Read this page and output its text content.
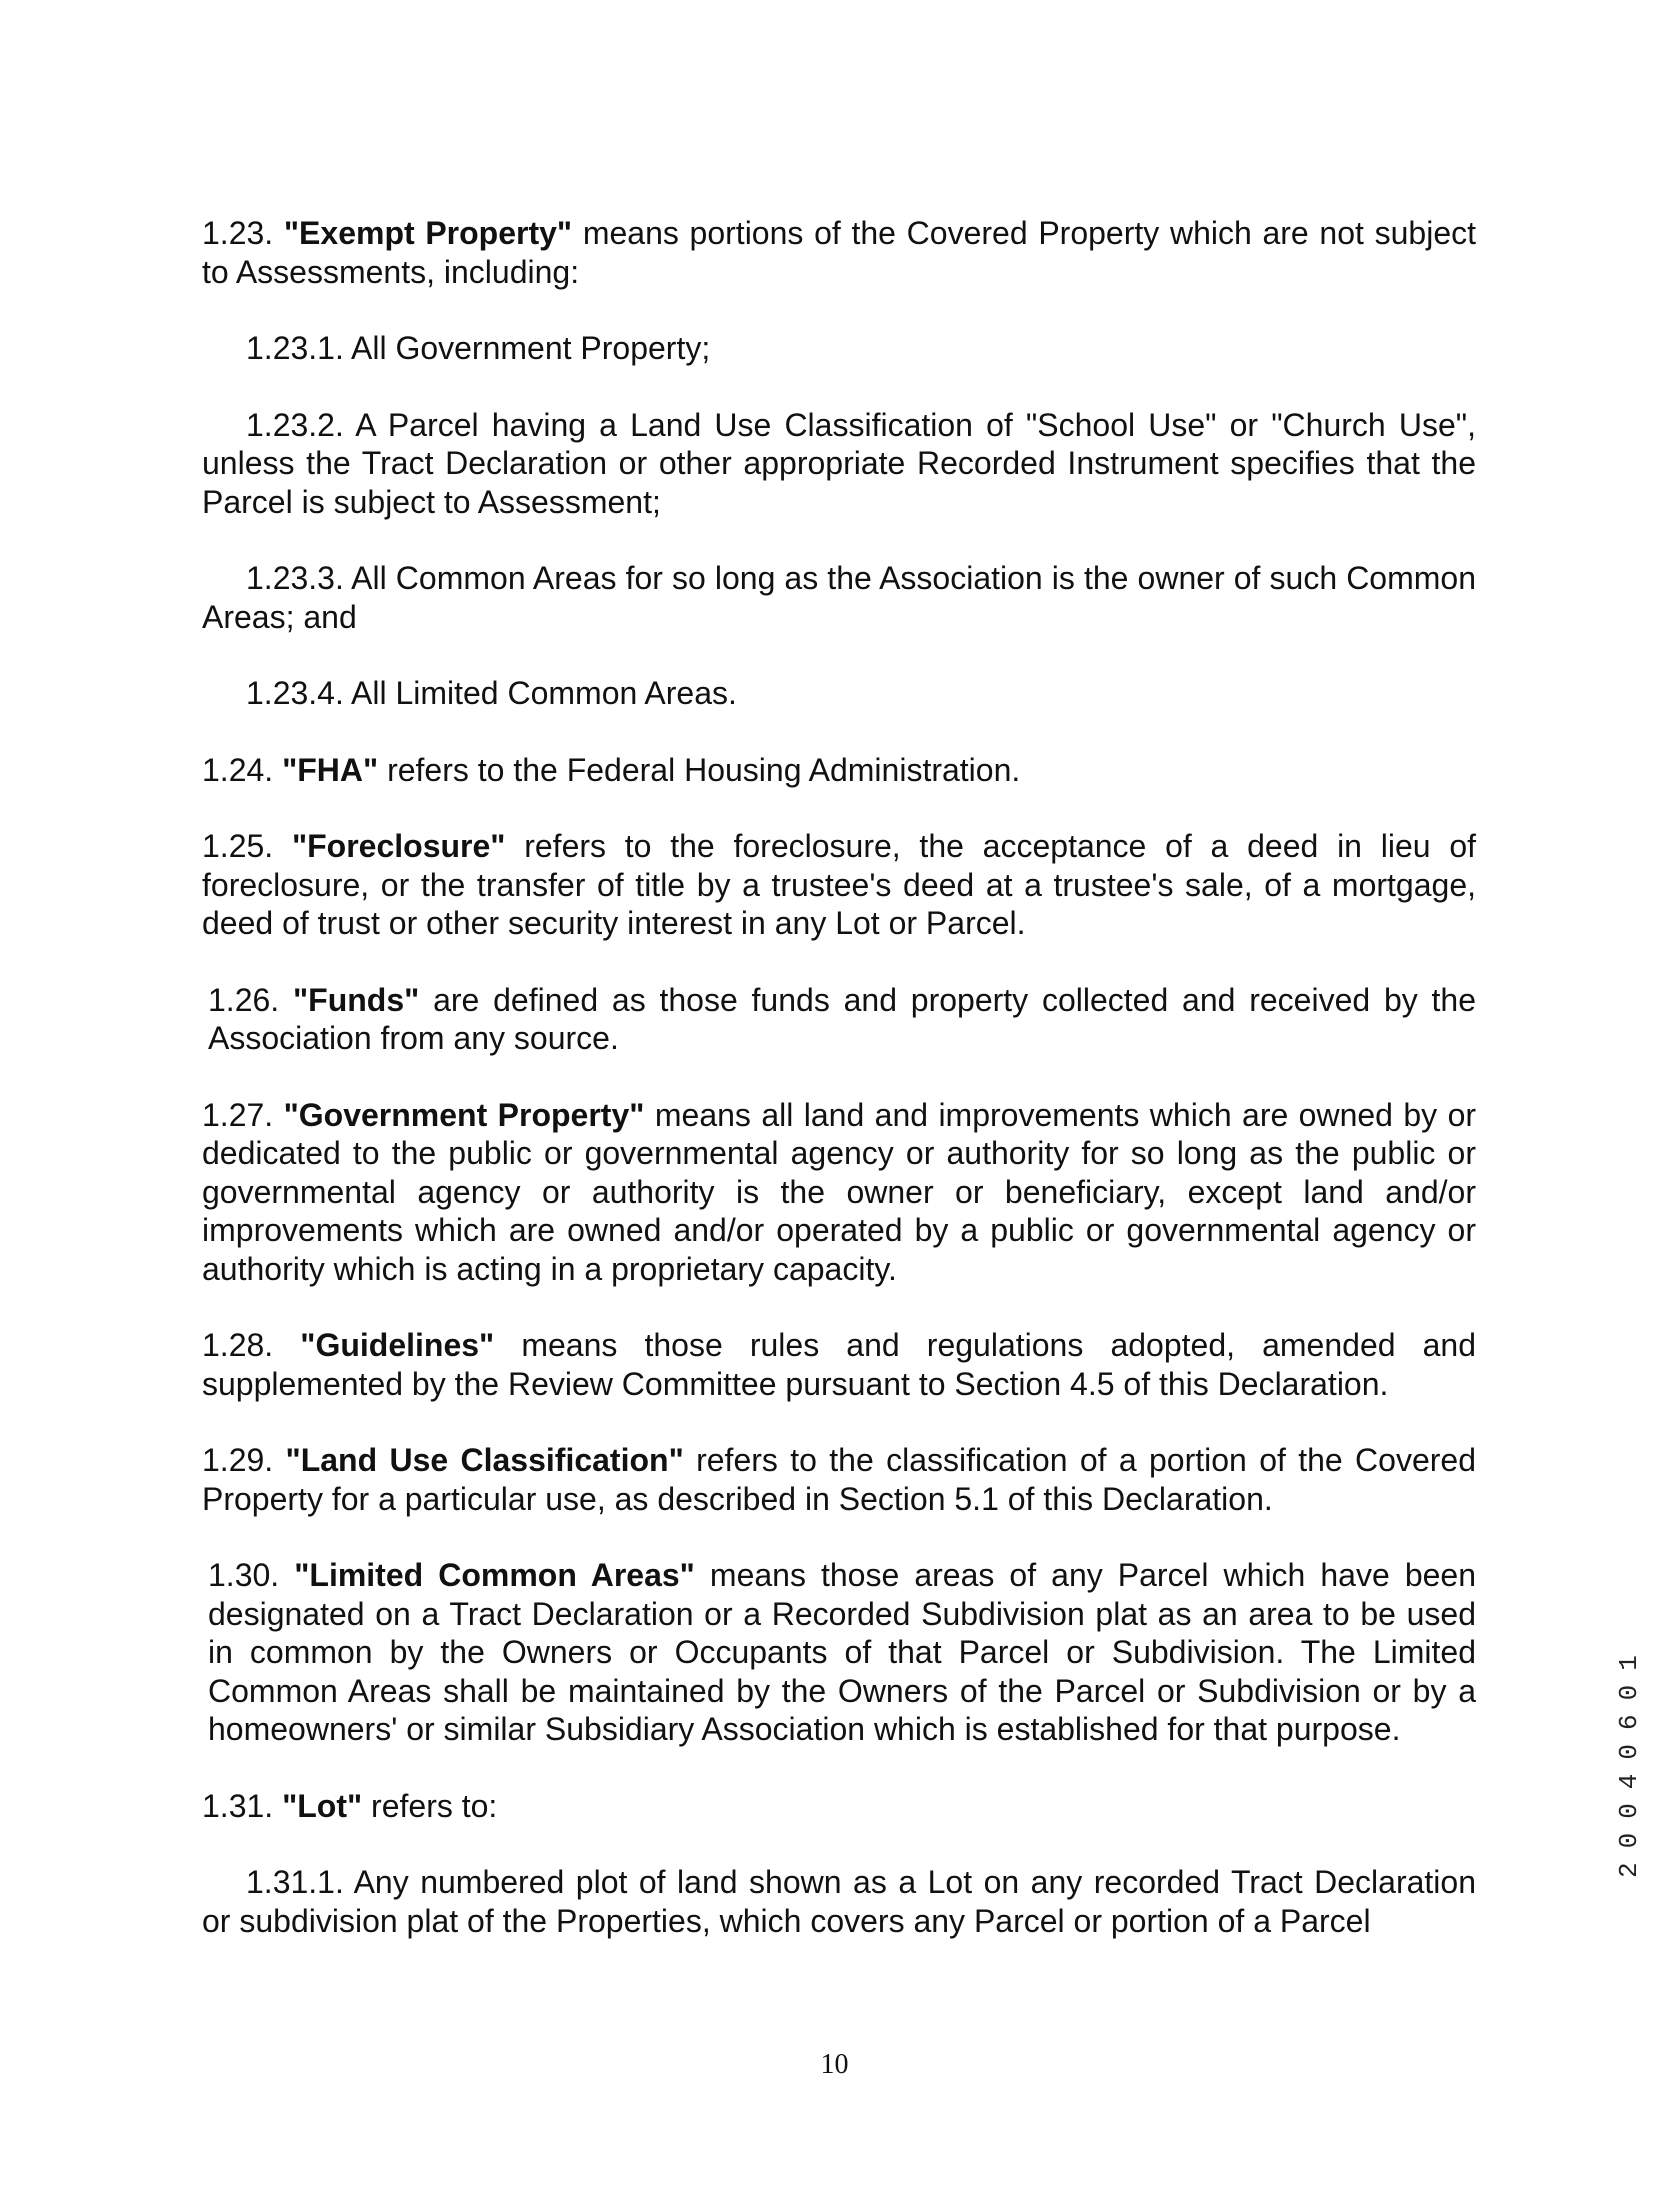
1.23. "Exempt Property" means portions of the Covered Property which are not subject to Assessments, including:

1.23.1. All Government Property;

1.23.2. A Parcel having a Land Use Classification of "School Use" or "Church Use", unless the Tract Declaration or other appropriate Recorded Instrument specifies that the Parcel is subject to Assessment;

1.23.3. All Common Areas for so long as the Association is the owner of such Common Areas; and

1.23.4. All Limited Common Areas.

1.24. "FHA" refers to the Federal Housing Administration.

1.25. "Foreclosure" refers to the foreclosure, the acceptance of a deed in lieu of foreclosure, or the transfer of title by a trustee's deed at a trustee's sale, of a mortgage, deed of trust or other security interest in any Lot or Parcel.

1.26. "Funds" are defined as those funds and property collected and received by the Association from any source.

1.27. "Government Property" means all land and improvements which are owned by or dedicated to the public or governmental agency or authority for so long as the public or governmental agency or authority is the owner or beneficiary, except land and/or improvements which are owned and/or operated by a public or governmental agency or authority which is acting in a proprietary capacity.

1.28. "Guidelines" means those rules and regulations adopted, amended and supplemented by the Review Committee pursuant to Section 4.5 of this Declaration.

1.29. "Land Use Classification" refers to the classification of a portion of the Covered Property for a particular use, as described in Section 5.1 of this Declaration.

1.30. "Limited Common Areas" means those areas of any Parcel which have been designated on a Tract Declaration or a Recorded Subdivision plat as an area to be used in common by the Owners or Occupants of that Parcel or Subdivision. The Limited Common Areas shall be maintained by the Owners of the Parcel or Subdivision or by a homeowners' or similar Subsidiary Association which is established for that purpose.

1.31. "Lot" refers to:

1.31.1. Any numbered plot of land shown as a Lot on any recorded Tract Declaration or subdivision plat of the Properties, which covers any Parcel or portion of a Parcel

20040601
10
